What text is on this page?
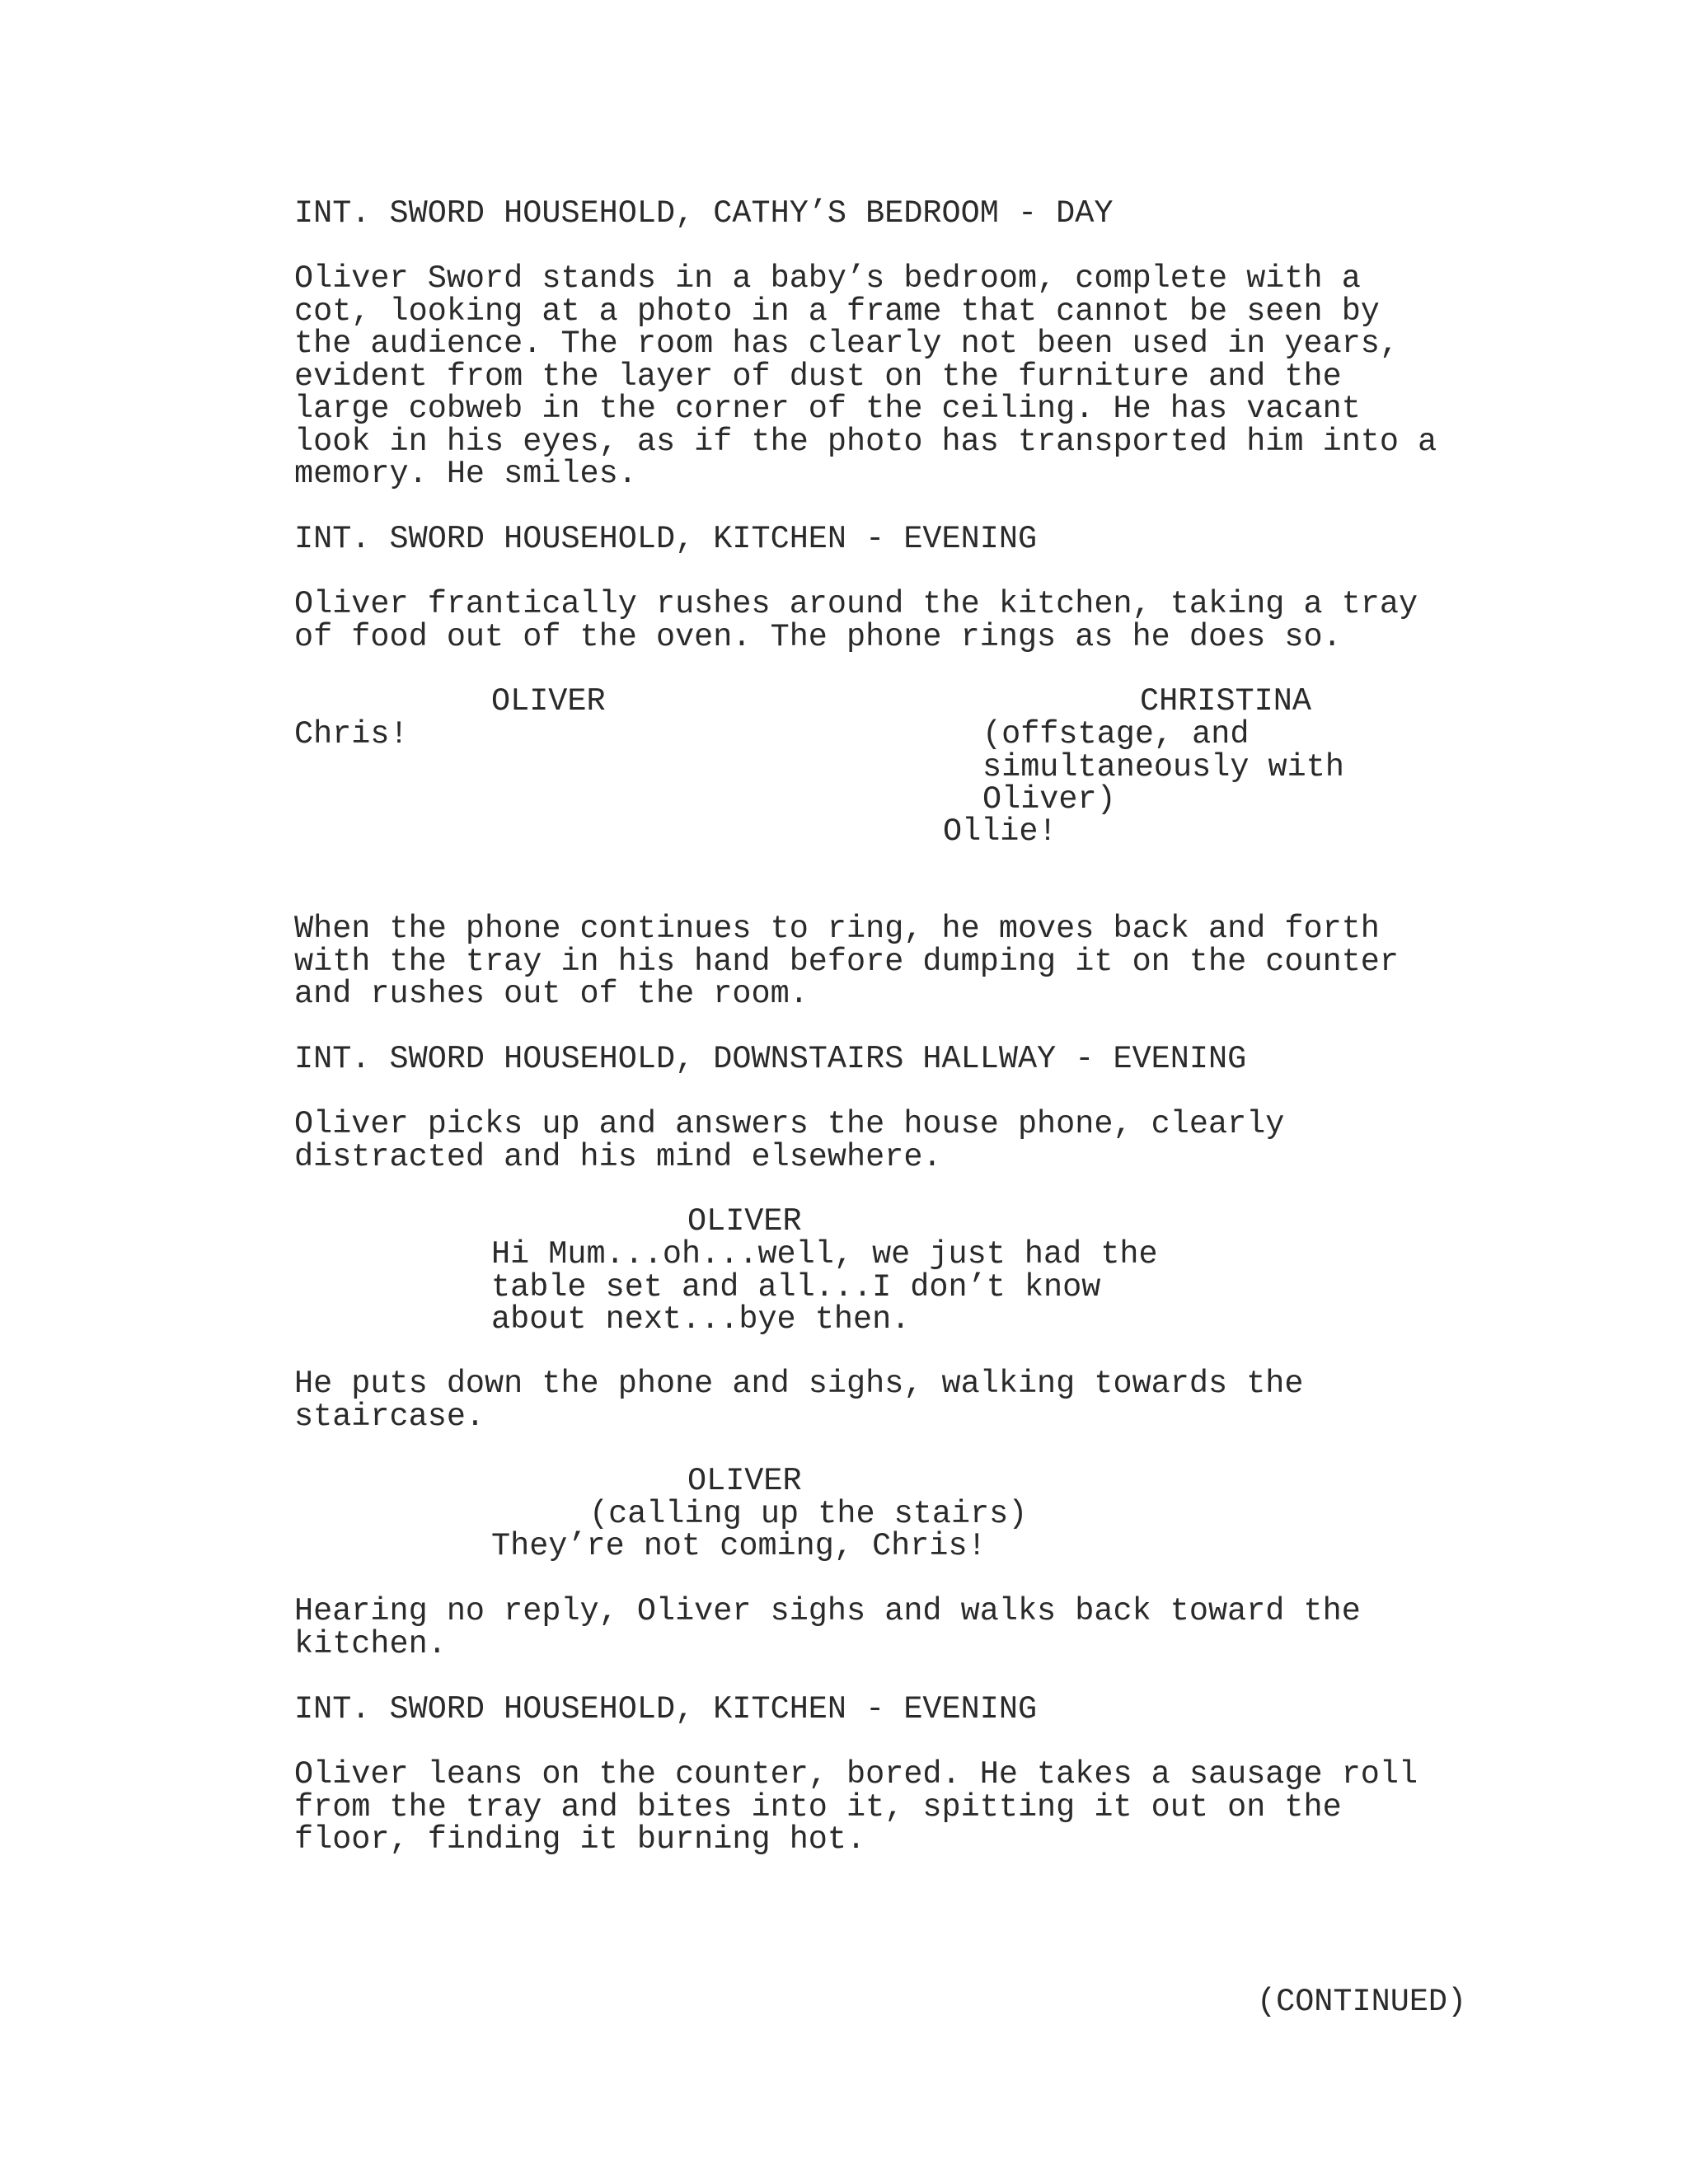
INT. SWORD HOUSEHOLD, CATHY’S BEDROOM - DAY
Oliver Sword stands in a baby’s bedroom, complete with a
cot, looking at a photo in a frame that cannot be seen by
the audience. The room has clearly not been used in years,
evident from the layer of dust on the furniture and the
large cobweb in the corner of the ceiling. He has vacant
look in his eyes, as if the photo has transported him into a
memory. He smiles.
INT. SWORD HOUSEHOLD, KITCHEN - EVENING
Oliver frantically rushes around the kitchen, taking a tray
of food out of the oven. The phone rings as he does so.
OLIVER
Chris!
CHRISTINA
(offstage, and
simultaneously with
Oliver)
Ollie!
When the phone continues to ring, he moves back and forth
with the tray in his hand before dumping it on the counter
and rushes out of the room.
INT. SWORD HOUSEHOLD, DOWNSTAIRS HALLWAY - EVENING
Oliver picks up and answers the house phone, clearly
distracted and his mind elsewhere.
OLIVER
Hi Mum...oh...well, we just had the
table set and all...I don’t know
about next...bye then.
He puts down the phone and sighs, walking towards the
staircase.
OLIVER
(calling up the stairs)
They’re not coming, Chris!
Hearing no reply, Oliver sighs and walks back toward the
kitchen.
INT. SWORD HOUSEHOLD, KITCHEN - EVENING
Oliver leans on the counter, bored. He takes a sausage roll
from the tray and bites into it, spitting it out on the
floor, finding it burning hot.
(CONTINUED)
